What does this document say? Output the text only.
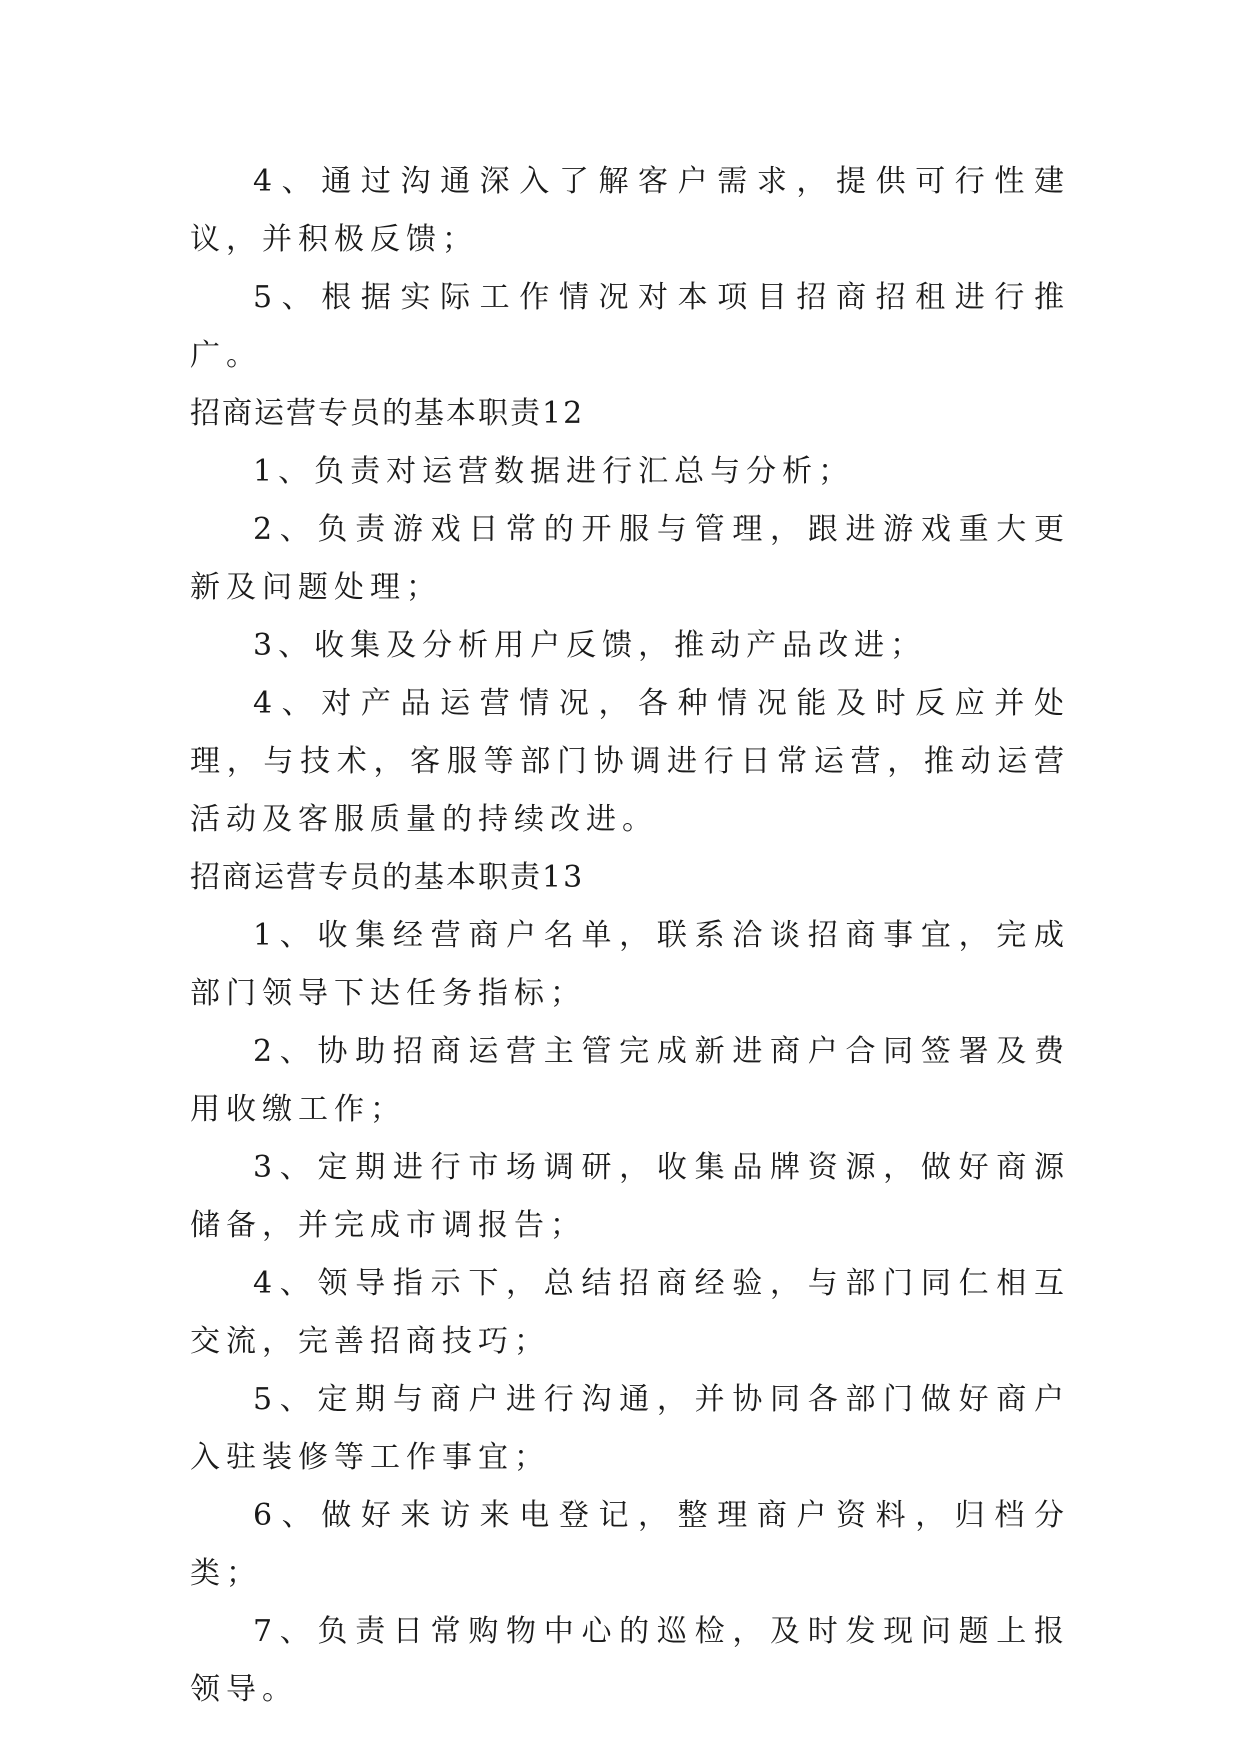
4、通过沟通深入了解客户需求，提供可行性建议，并积极反馈；

5、根据实际工作情况对本项目招商招租进行推广。

招商运营专员的基本职责12

1、负责对运营数据进行汇总与分析；

2、负责游戏日常的开服与管理，跟进游戏重大更新及问题处理；

3、收集及分析用户反馈，推动产品改进；

4、对产品运营情况，各种情况能及时反应并处理，与技术，客服等部门协调进行日常运营，推动运营活动及客服质量的持续改进。

招商运营专员的基本职责13

1、收集经营商户名单，联系洽谈招商事宜，完成部门领导下达任务指标；

2、协助招商运营主管完成新进商户合同签署及费用收缴工作；

3、定期进行市场调研，收集品牌资源，做好商源储备，并完成市调报告；

4、领导指示下，总结招商经验，与部门同仁相互交流，完善招商技巧；

5、定期与商户进行沟通，并协同各部门做好商户入驻装修等工作事宜；

6、做好来访来电登记，整理商户资料，归档分类；

7、负责日常购物中心的巡检，及时发现问题上报领导。
